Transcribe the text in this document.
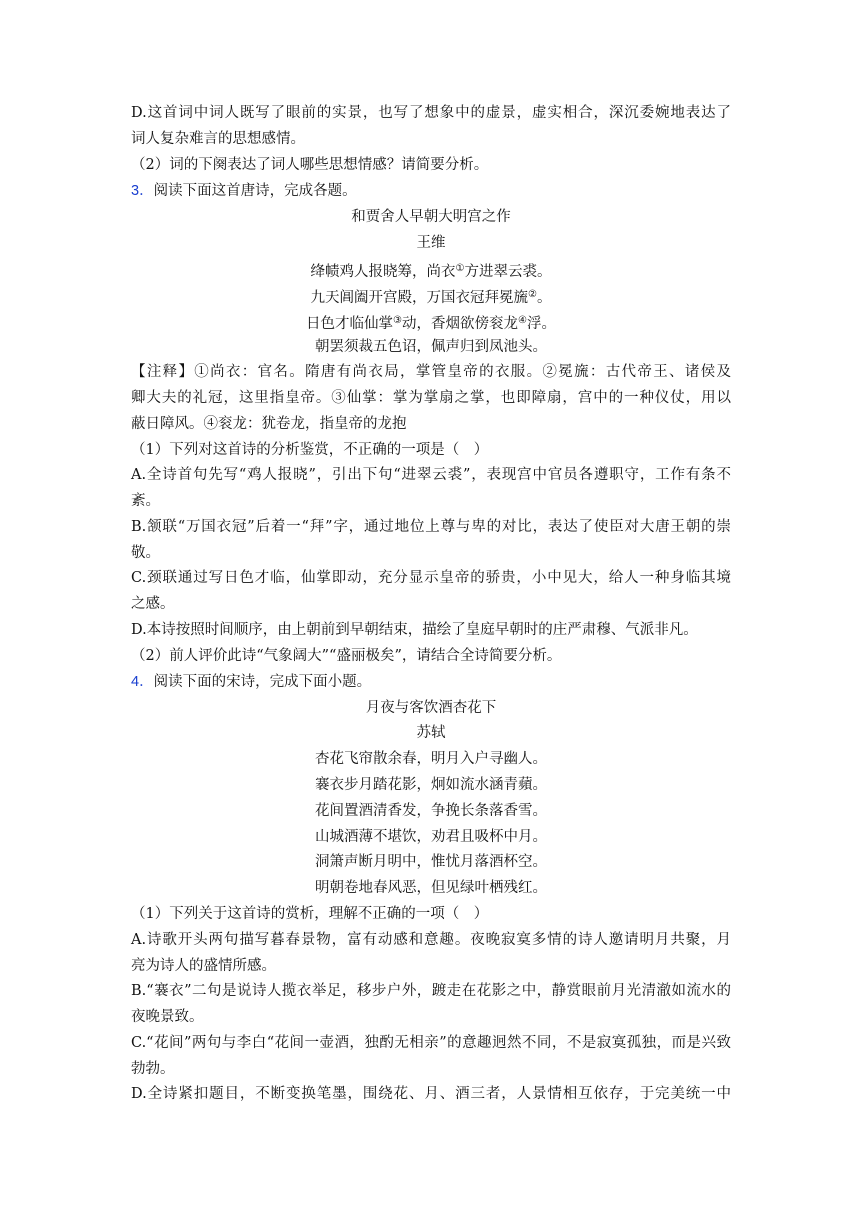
D.这首词中词人既写了眼前的实景，也写了想象中的虚景，虚实相合，深沉委婉地表达了
词人复杂难言的思想感情。
（2）词的下阕表达了词人哪些思想情感？请简要分析。
3．阅读下面这首唐诗，完成各题。
和贾舍人早朝大明宫之作
王维
绛帻鸡人报晓筹，尚衣①方进翠云裘。
九天阊阖开宫殿，万国衣冠拜冕旒②。
日色才临仙掌③动，香烟欲傍衮龙④浮。
朝罢须裁五色诏，佩声归到凤池头。
【注释】①尚衣：官名。隋唐有尚衣局，掌管皇帝的衣服。②冕旒：古代帝王、诸侯及
卿大夫的礼冠，这里指皇帝。③仙掌：掌为掌扇之掌，也即障扇，宫中的一种仪仗，用以
蔽日障风。④衮龙：犹卷龙，指皇帝的龙抱
（1）下列对这首诗的分析鉴赏，不正确的一项是（　）
A.全诗首句先写“鸡人报晓”，引出下句“进翠云裘”，表现宫中官员各遵职守，工作有条不
紊。
B.颔联“万国衣冠”后着一“拜”字，通过地位上尊与卑的对比，表达了使臣对大唐王朝的崇
敬。
C.颈联通过写日色才临，仙掌即动，充分显示皇帝的骄贵，小中见大，给人一种身临其境
之感。
D.本诗按照时间顺序，由上朝前到早朝结束，描绘了皇庭早朝时的庄严肃穆、气派非凡。
（2）前人评价此诗“气象阔大”“盛丽极矣”，请结合全诗简要分析。
4．阅读下面的宋诗，完成下面小题。
月夜与客饮酒杏花下
苏轼
杏花飞帘散余春，明月入户寻幽人。
褰衣步月踏花影，炯如流水涵青蘋。
花间置酒清香发，争挽长条落香雪。
山城酒薄不堪饮，劝君且吸杯中月。
洞箫声断月明中，惟忧月落酒杯空。
明朝卷地春风恶，但见绿叶栖残红。
（1）下列关于这首诗的赏析，理解不正确的一项（　）
A.诗歌开头两句描写暮春景物，富有动感和意趣。夜晚寂寞多情的诗人邀请明月共聚，月
亮为诗人的盛情所感。
B.“褰衣”二句是说诗人揽衣举足，移步户外，踱走在花影之中，静赏眼前月光清澈如流水的
夜晚景致。
C.“花间”两句与李白“花间一壶酒，独酌无相亲”的意趣迥然不同，不是寂寞孤独，而是兴致
勃勃。
D.全诗紧扣题目，不断变换笔墨，围绕花、月、酒三者，人景情相互依存，于完美统一中
